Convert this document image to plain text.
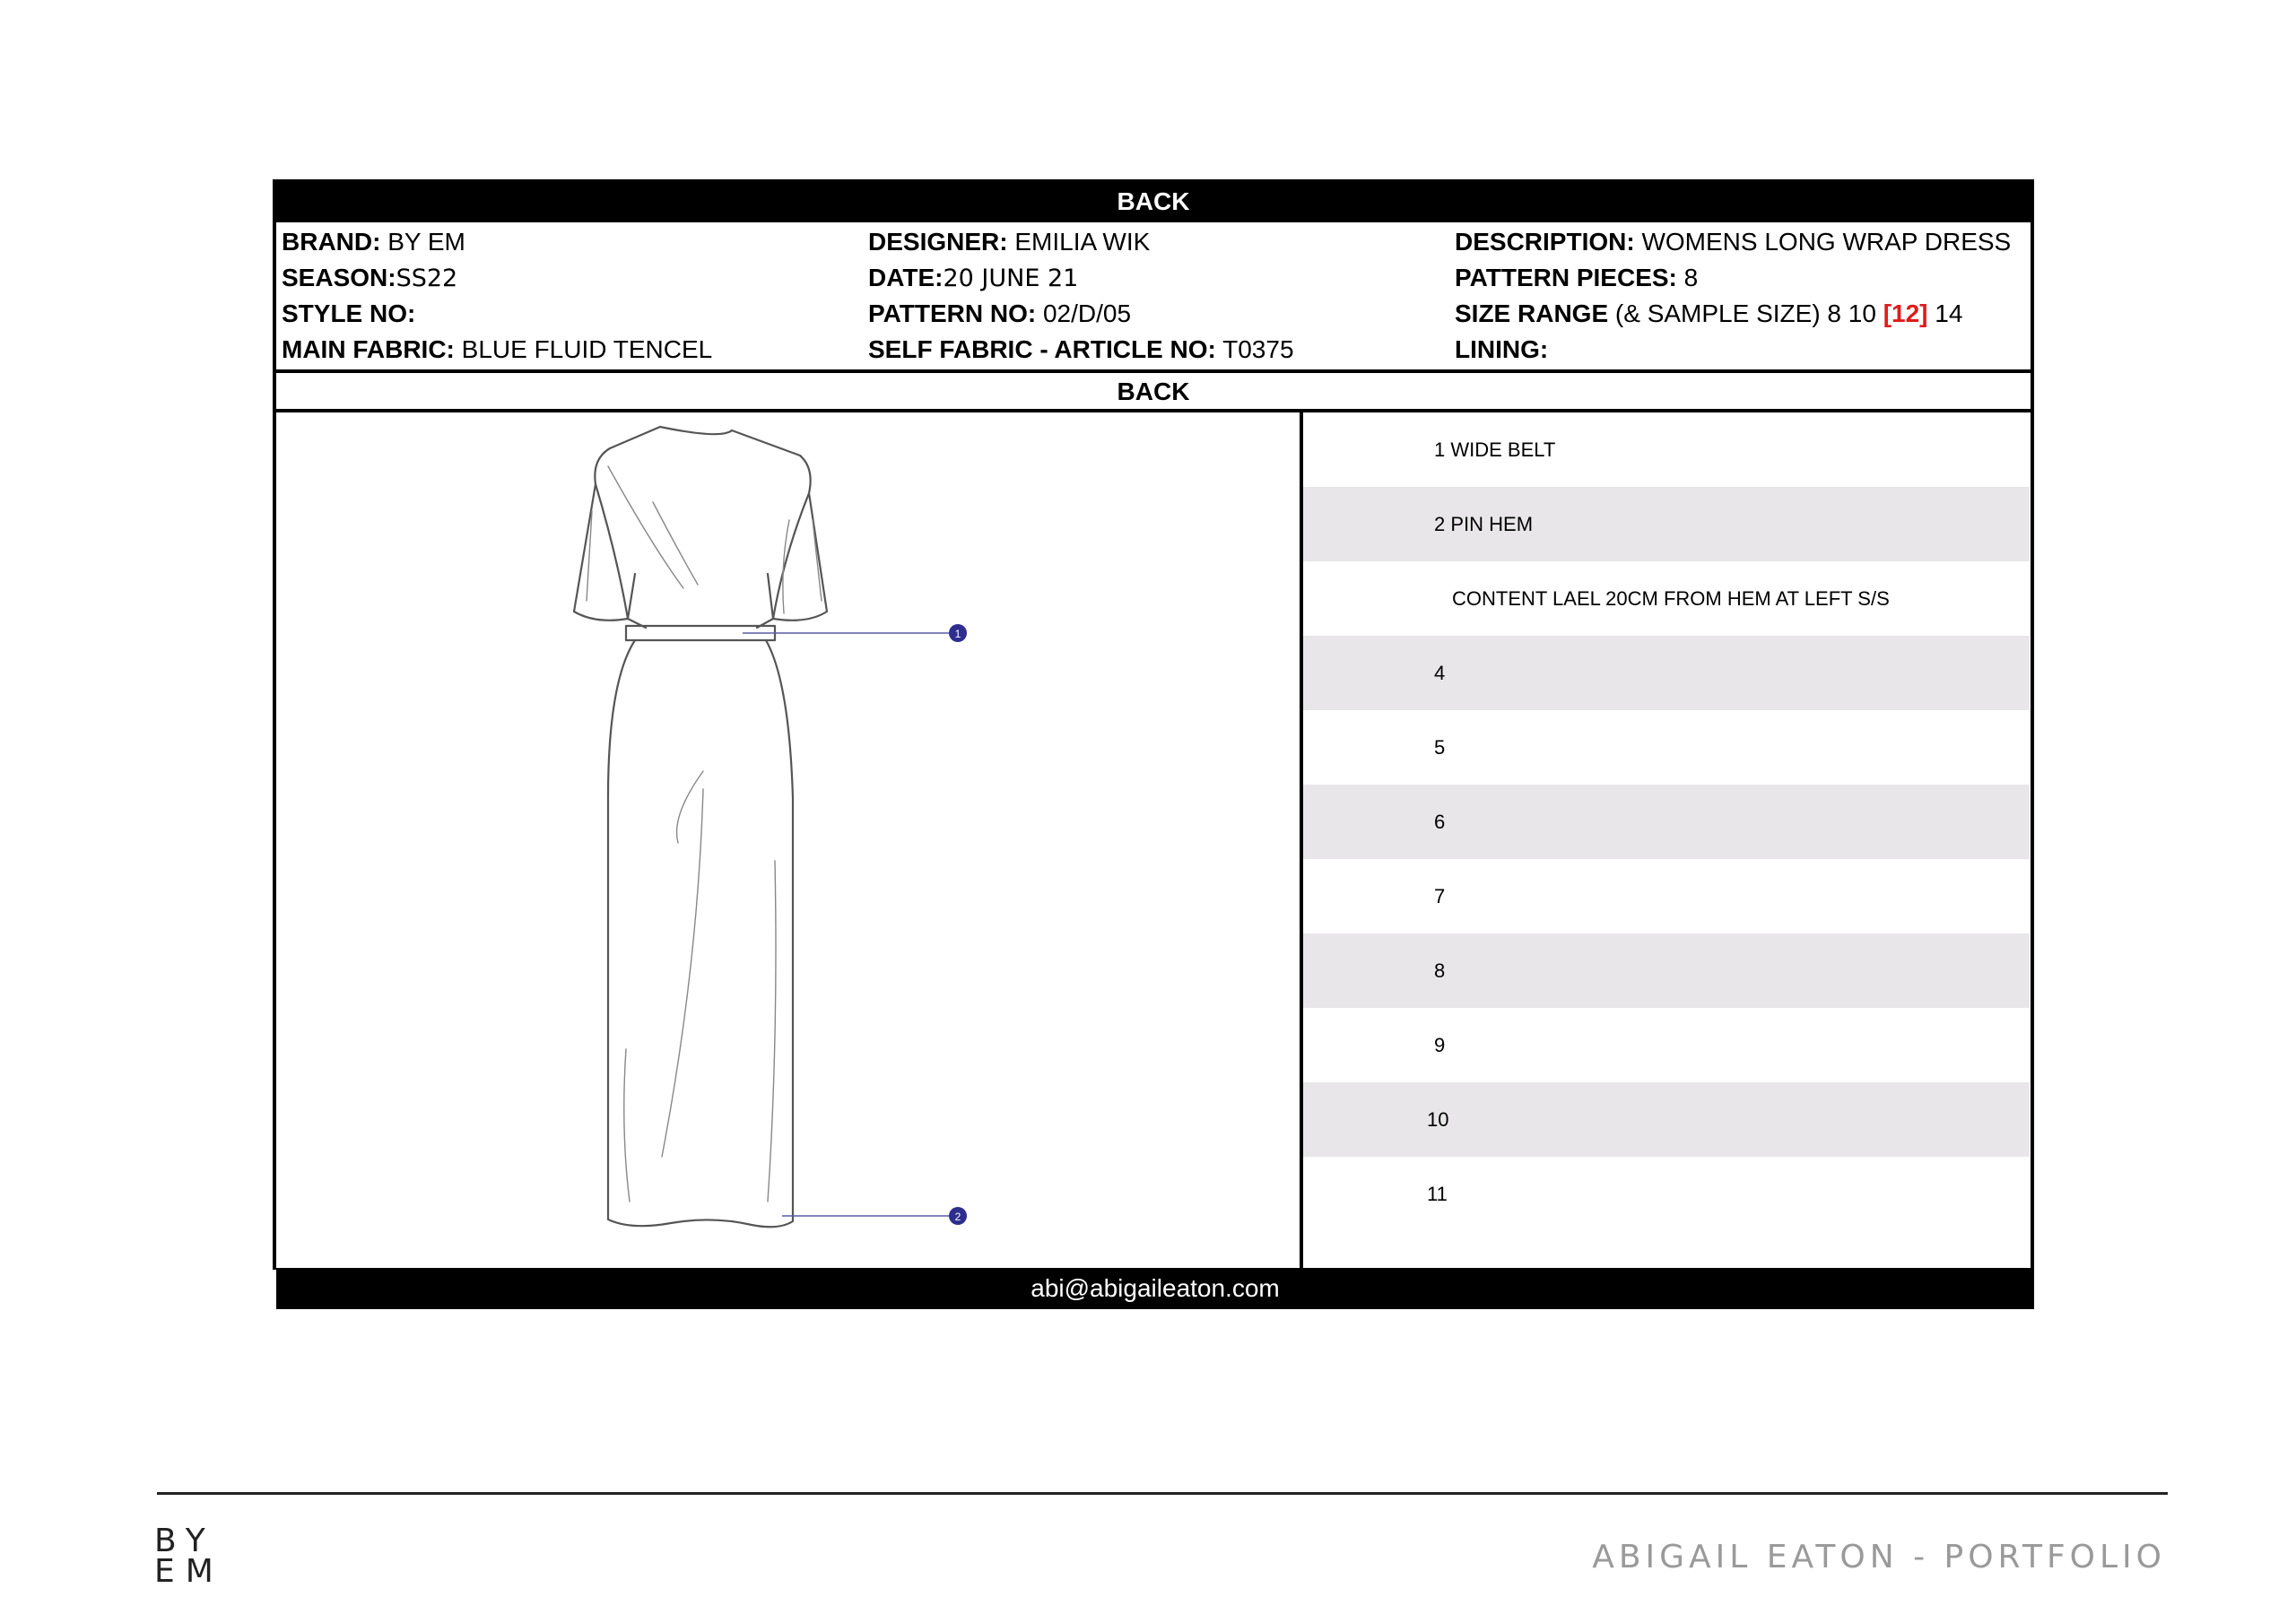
BACK
BRAND: BY EM
SEASON:SS22
STYLE NO:
MAIN FABRIC: BLUE FLUID TENCEL
DESIGNER: EMILIA WIK
DATE:20 JUNE 21
PATTERN NO: 02/D/05
SELF FABRIC - ARTICLE NO: T0375
DESCRIPTION: WOMENS LONG WRAP DRESS
PATTERN PIECES: 8
SIZE RANGE (& SAMPLE SIZE) 8 10 [12] 14
LINING:
BACK
1
2
1 WIDE BELT
2 PIN HEM
CONTENT LAEL 20CM FROM HEM AT LEFT S/S
4
5
6
7
8
9
10
11
abi@abigaileaton.com
BY
EM	ABIGAIL EATON - PORTFOLIO
